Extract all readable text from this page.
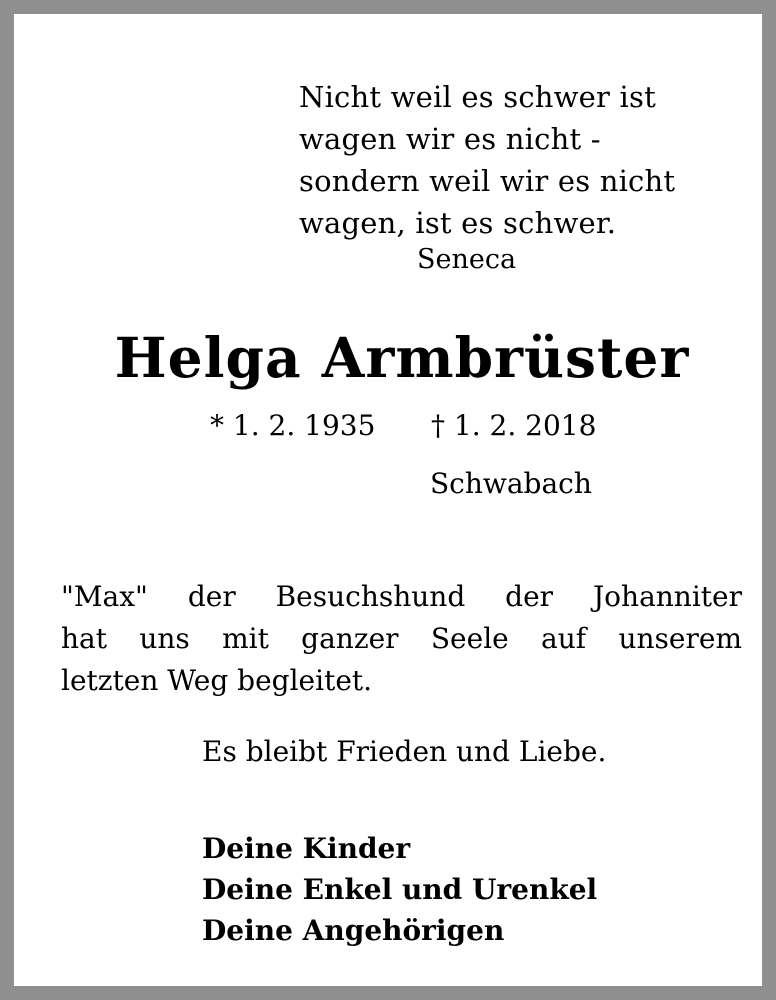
Nicht weil es schwer ist
wagen wir es nicht -
sondern weil wir es nicht
wagen, ist es schwer.
Seneca
Helga Armbrüster
* 1. 2. 1935 † 1. 2. 2018
Schwabach
"Max" der Besuchshund der Johanniter
hat uns mit ganzer Seele auf unserem
letzten Weg begleitet.
Es bleibt Frieden und Liebe.
Deine Kinder
Deine Enkel und Urenkel
Deine Angehörigen
